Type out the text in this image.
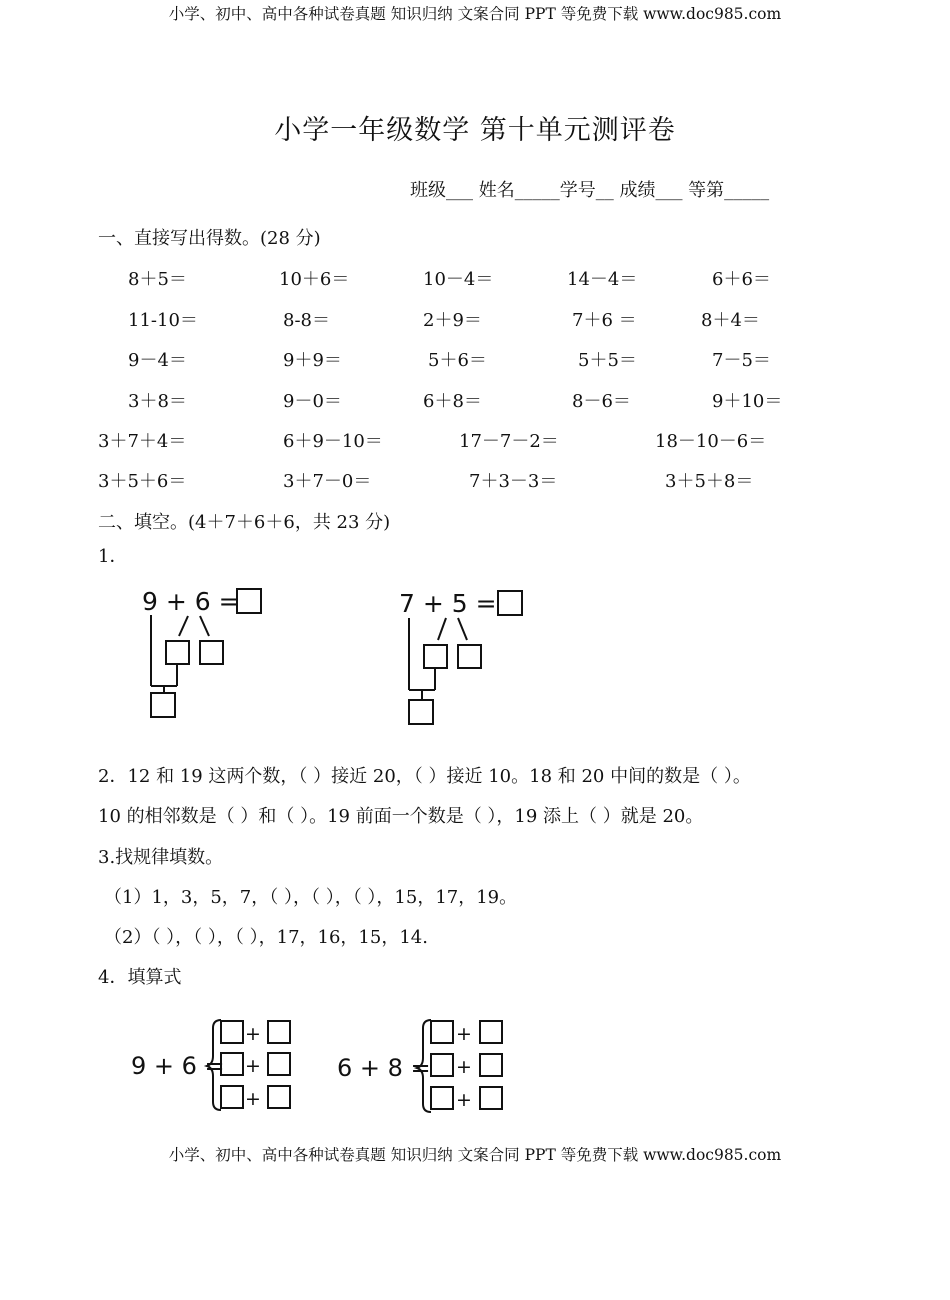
小学、初中、高中各种试卷真题 知识归纳 文案合同 PPT 等免费下载 www.doc985.com
小学一年级数学 第十单元测评卷
班级___ 姓名_____学号__ 成绩___ 等第_____
一、直接写出得数。(28 分)
8＋5＝	10＋6＝	10－4＝	14－4＝	6＋6＝
11-10＝	8-8＝	2＋9＝	7＋6 ＝	8＋4＝
9－4＝	9＋9＝	5＋6＝	5＋5＝	7－5＝
3＋8＝	9－0＝	6＋8＝	8－6＝	9＋10＝
3＋7＋4＝	6＋9－10＝	17－7－2＝	18－10－6＝
3＋5＋6＝	3＋7－0＝	7＋3－3＝	3＋5＋8＝
二、填空。(4＋7＋6＋6，共 23 分)
1．
9 + 6 =	7 + 5 =
2．12 和 19 这两个数，（ ）接近 20，（ ）接近 10。18 和 20 中间的数是（ ）。
10 的相邻数是（ ）和（ ）。19 前面一个数是（ ），19 添上（ ）就是 20。
3.找规律填数。
（1）1，3，5，7，（ ），（ ），（ ），15，17，19。
（2）（ ），（ ），（ ），17，16，15，14.
4．填算式
9 + 6 =
+
+
+
6 + 8 =
+
+
+
小学、初中、高中各种试卷真题 知识归纳 文案合同 PPT 等免费下载 www.doc985.com
